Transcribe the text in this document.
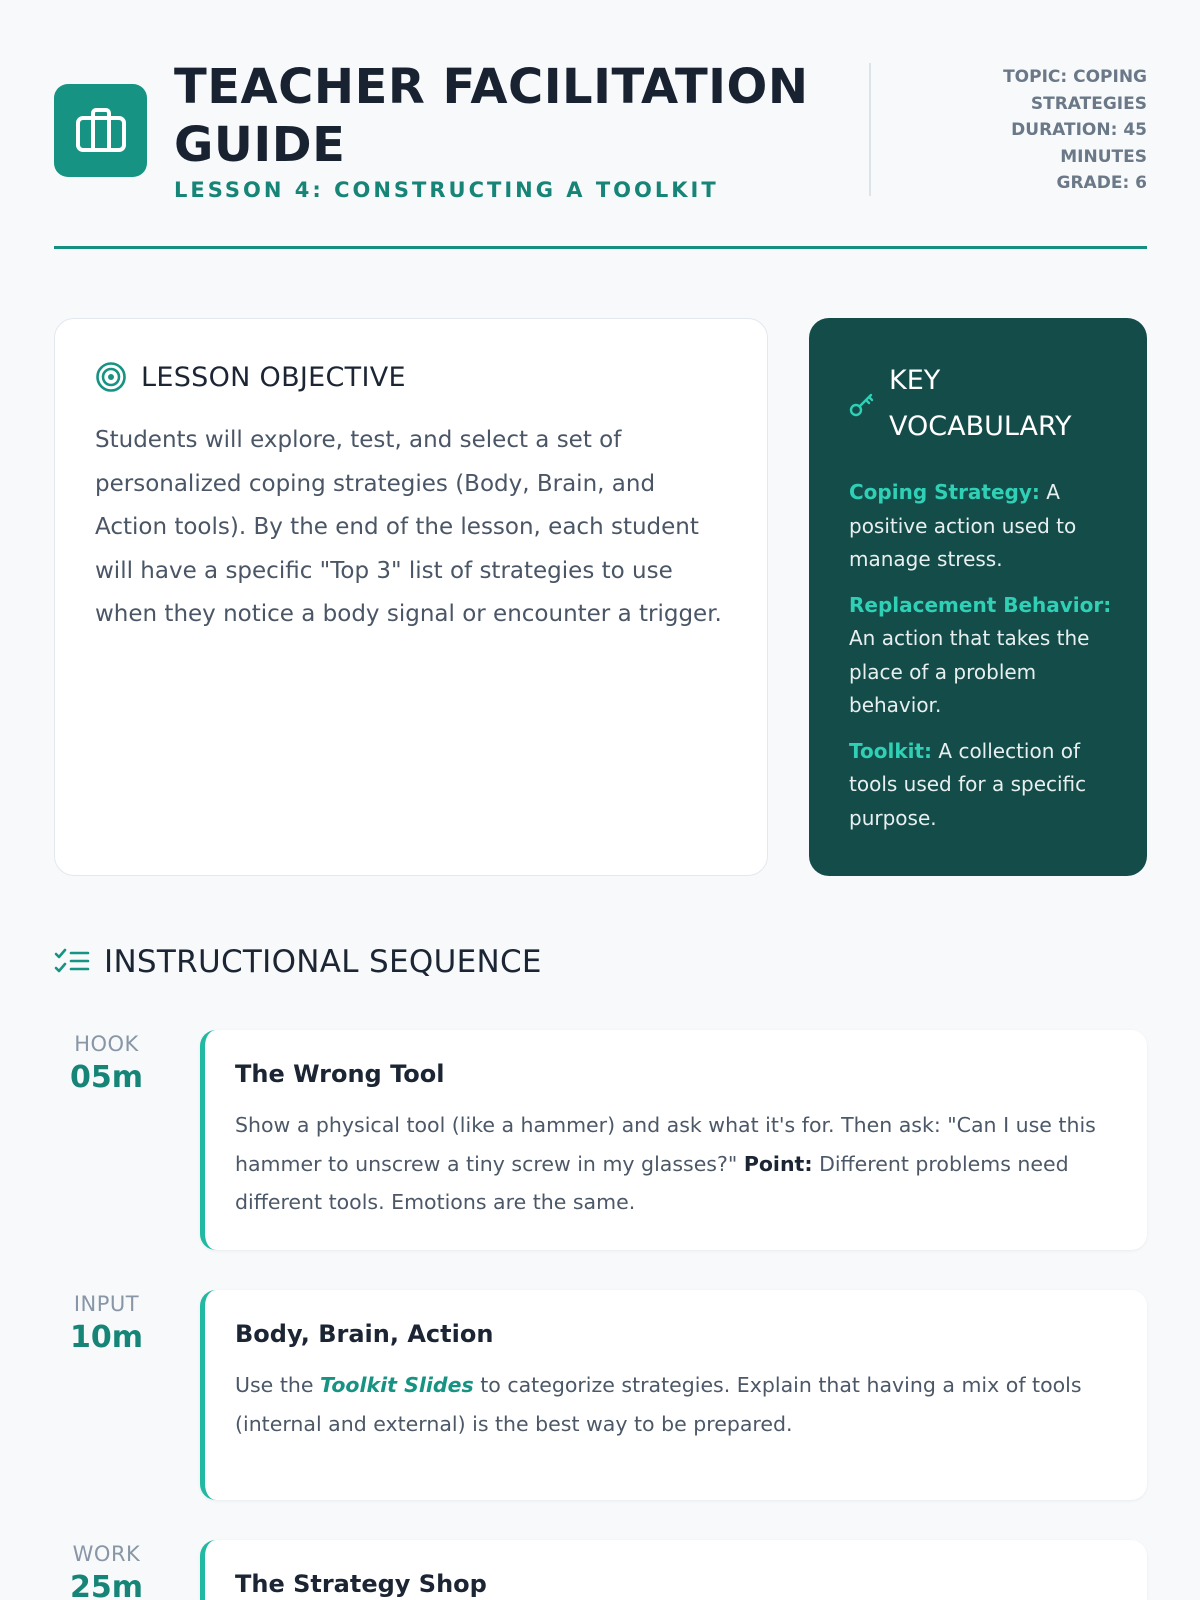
TEACHER FACILITATION GUIDE
LESSON 4: CONSTRUCTING A TOOLKIT
TOPIC: COPING
STRATEGIES
DURATION: 45
MINUTES
GRADE: 6
LESSON OBJECTIVE

Students will explore, test, and select a set of personalized coping strategies (Body, Brain, and Action tools). By the end of the lesson, each student will have a specific "Top 3" list of strategies to use when they notice a body signal or encounter a trigger.

KEY VOCABULARY
Coping Strategy: A positive action used to manage stress.
Replacement Behavior: An action that takes the place of a problem behavior.
Toolkit: A collection of tools used for a specific purpose.
INSTRUCTIONAL SEQUENCE
HOOK
05m	The Wrong Tool
Show a physical tool (like a hammer) and ask what it's for. Then ask: "Can I use this hammer to unscrew a tiny screw in my glasses?" Point: Different problems need different tools. Emotions are the same.
INPUT
10m	Body, Brain, Action
Use the Toolkit Slides to categorize strategies. Explain that having a mix of tools (internal and external) is the best way to be prepared.
WORK
25m	The Strategy Shop
